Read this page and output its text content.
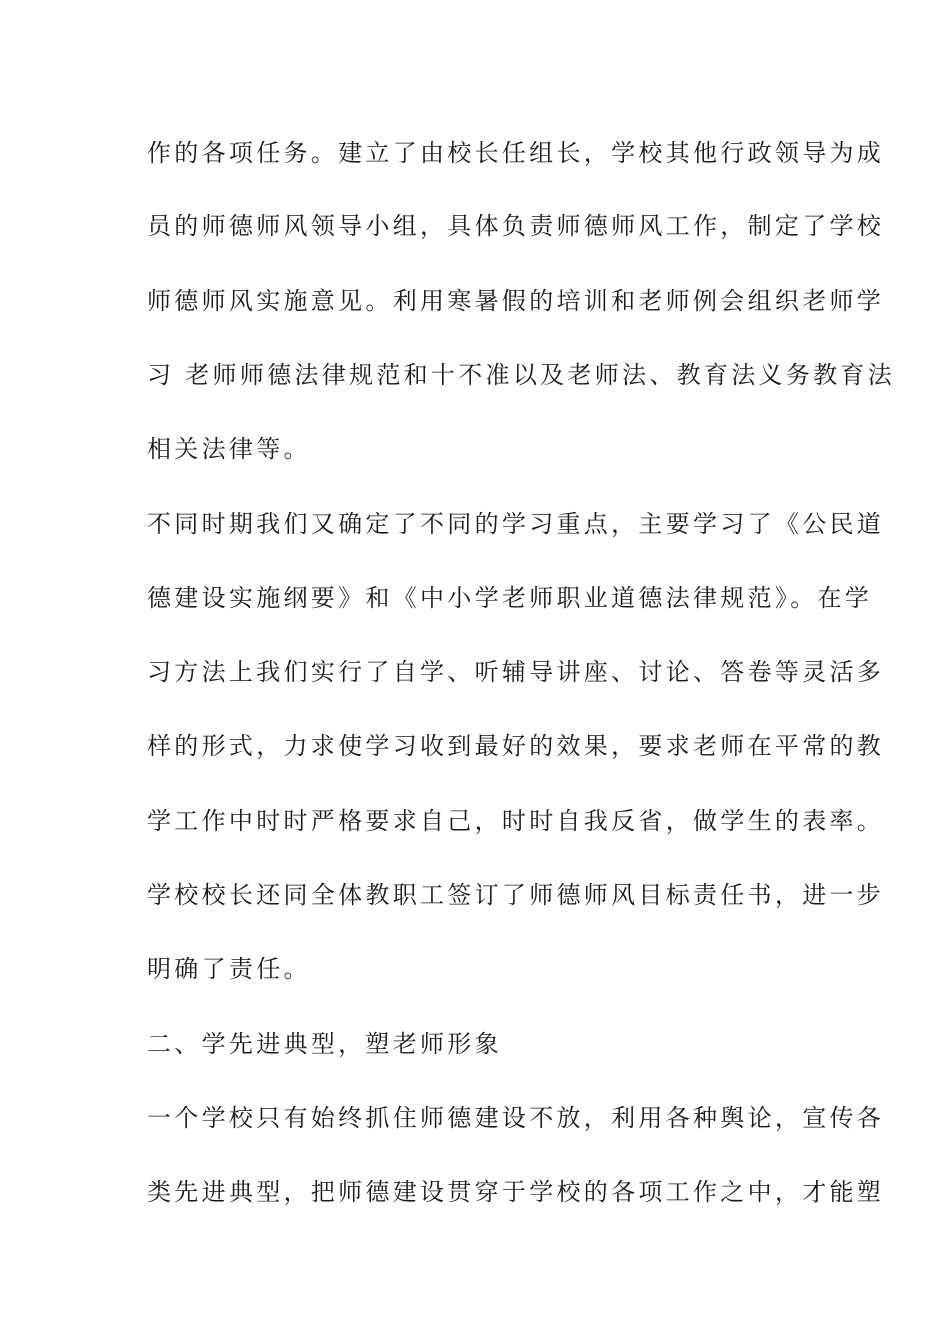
作的各项任务。建立了由校长任组长，学校其他行政领导为成
员的师德师风领导小组，具体负责师德师风工作，制定了学校
师德师风实施意见。利用寒暑假的培训和老师例会组织老师学
习 老师师德法律规范和十不准以及老师法、教育法义务教育法
相关法律等。
不同时期我们又确定了不同的学习重点，主要学习了《公民道
德建设实施纲要》和《中小学老师职业道德法律规范》。在学
习方法上我们实行了自学、听辅导讲座、讨论、答卷等灵活多
样的形式，力求使学习收到最好的效果，要求老师在平常的教
学工作中时时严格要求自己，时时自我反省，做学生的表率。
学校校长还同全体教职工签订了师德师风目标责任书，进一步
明确了责任。
二、学先进典型，塑老师形象
一个学校只有始终抓住师德建设不放，利用各种舆论，宣传各
类先进典型，把师德建设贯穿于学校的各项工作之中，才能塑
